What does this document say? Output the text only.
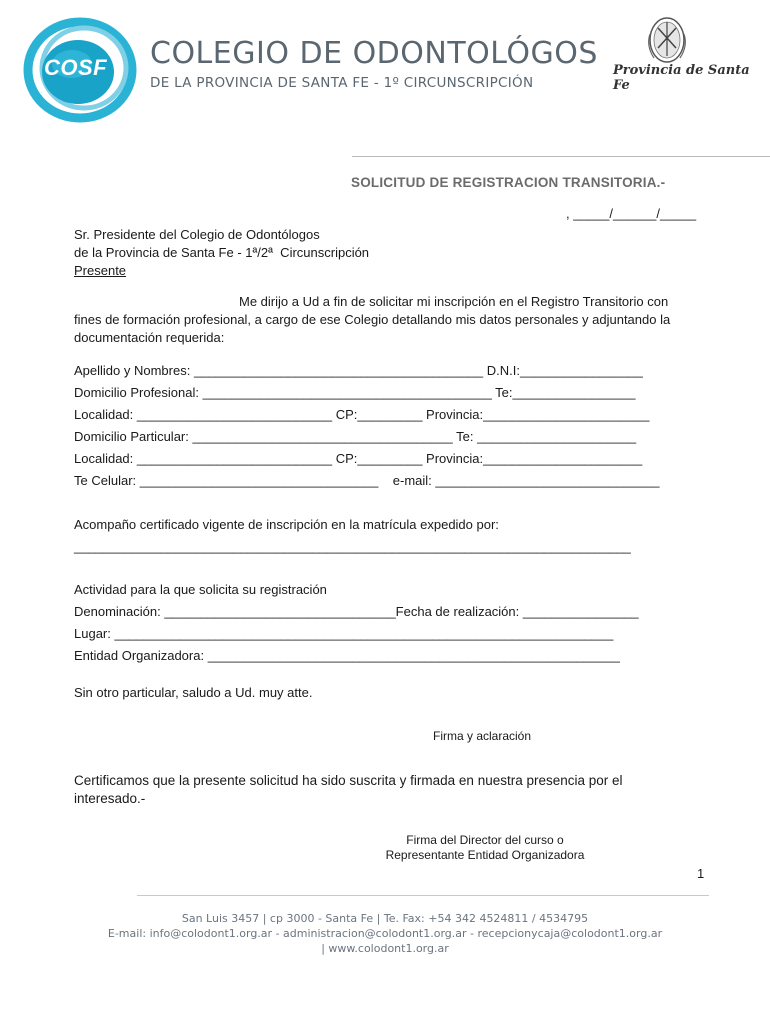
COSF COLEGIO DE ODONTOLÓGOS
DE LA PROVINCIA DE SANTA FE - 1º CIRCUNSCRIPCIÓN
Provincia de Santa Fe
SOLICITUD DE REGISTRACION TRANSITORIA.-
, _____/______/_____
Sr. Presidente del Colegio de Odontólogos
de la Provincia de Santa Fe - 1ª/2ª  Circunscripción
Presente
Me dirijo a Ud a fin de solicitar mi inscripción en el Registro Transitorio con
fines de formación profesional, a cargo de ese Colegio detallando mis datos personales y adjuntando la
documentación requerida:
Apellido y Nombres: ________________________________________ D.N.I:_________________
Domicilio Profesional: ________________________________________ Te:_________________
Localidad: ___________________________ CP:_________ Provincia:_______________________
Domicilio Particular: ____________________________________ Te: ______________________
Localidad: ___________________________ CP:_________ Provincia:______________________
Te Celular: _________________________________    e-mail: _______________________________
Acompaño certificado vigente de inscripción en la matrícula expedido por:
_____________________________________________________________________________
Actividad para la que solicita su registración
Denominación: ________________________________Fecha de realización: ________________
Lugar: _____________________________________________________________________
Entidad Organizadora: _________________________________________________________
Sin otro particular, saludo a Ud. muy atte.
Firma y aclaración
Certificamos que la presente solicitud ha sido suscrita y firmada en nuestra presencia por el
interesado.-
Firma del Director del curso o
Representante Entidad Organizadora
1
San Luis 3457 | cp 3000 - Santa Fe | Te. Fax: +54 342 4524811 / 4534795
E-mail: info@colodont1.org.ar - administracion@colodont1.org.ar - recepcionycaja@colodont1.org.ar
| www.colodont1.org.ar
